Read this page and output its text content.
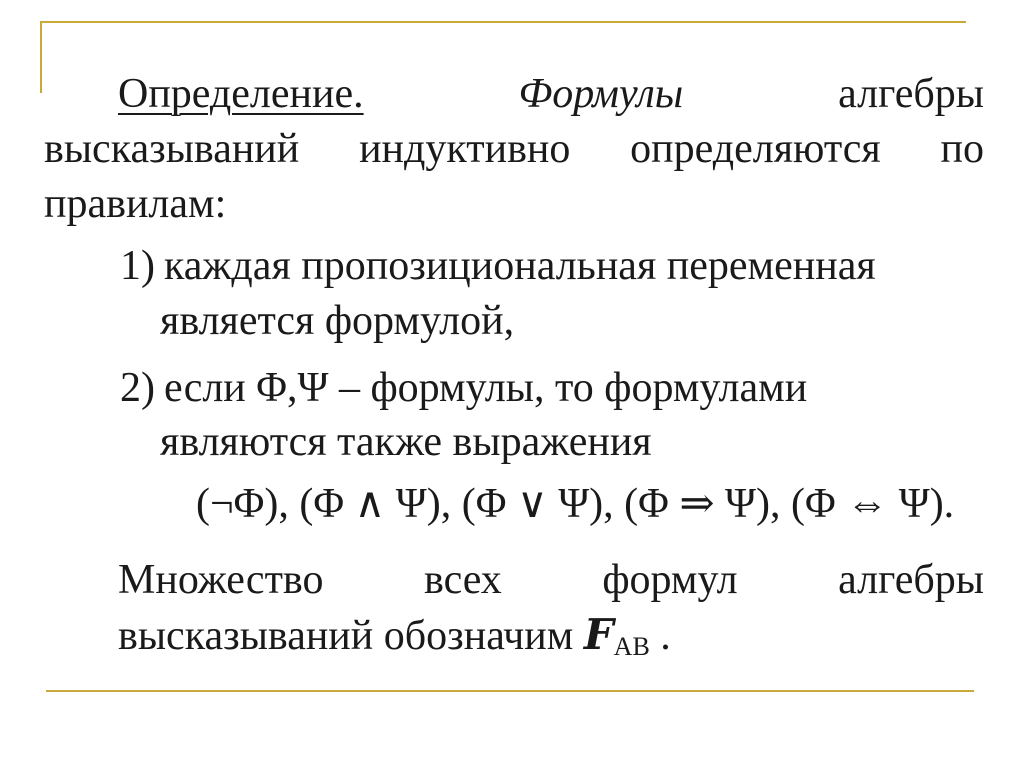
Определение.	Формулы	алгебры
высказываний индуктивно определяются по
правилам:
1) каждая пропозициональная переменная
является формулой,
2) если Φ,Ψ – формулы, то формулами
являются также выражения
(¬Φ), (Φ ∧ Ψ), (Φ ∨ Ψ), (Φ ⇒ Ψ), (Φ ⇔ Ψ).
Множество всех формул алгебры
высказываний обозначим $F_{AB}$ .
